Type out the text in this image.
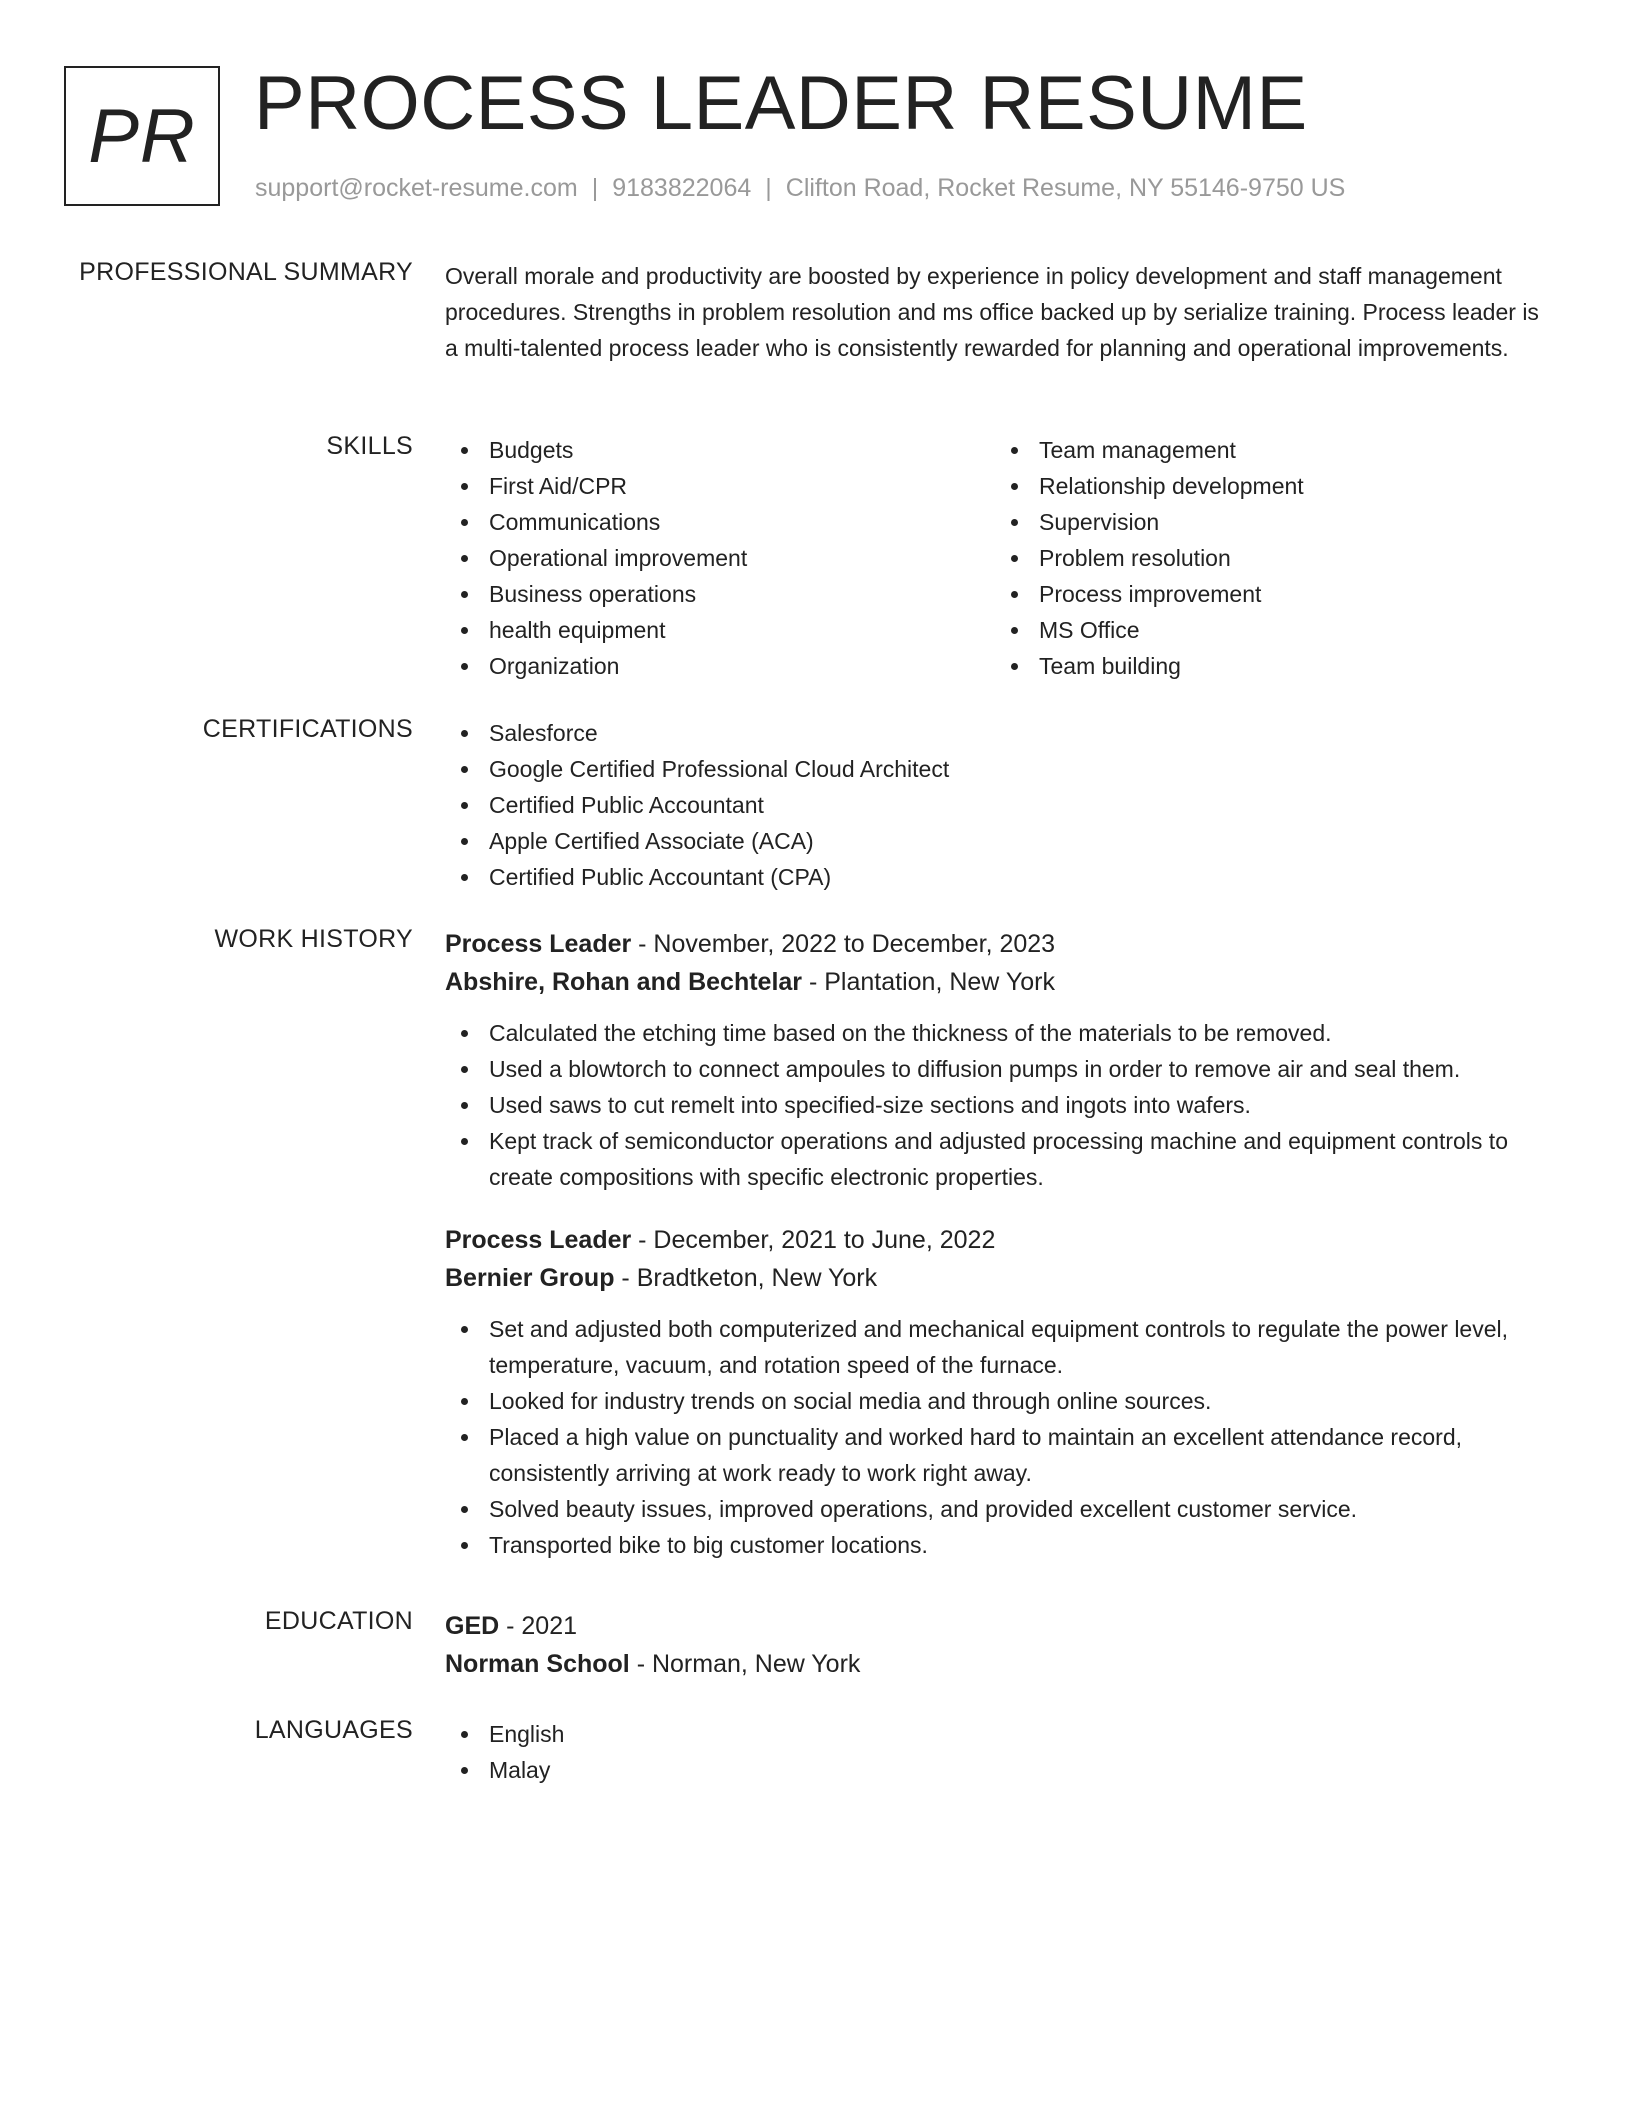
PR PROCESS LEADER RESUME
support@rocket-resume.com | 9183822064 | Clifton Road, Rocket Resume, NY 55146-9750 US
PROFESSIONAL SUMMARY Overall morale and productivity are boosted by experience in policy development and staff management procedures. Strengths in problem resolution and ms office backed up by serialize training. Process leader is a multi-talented process leader who is consistently rewarded for planning and operational improvements.

SKILLS	Budgets
First Aid/CPR
Communications
Operational improvement
Business operations
health equipment
Organization
Team management
Relationship development
Supervision
Problem resolution
Process improvement
MS Office
Team building
CERTIFICATIONS	Salesforce
Google Certified Professional Cloud Architect
Certified Public Accountant
Apple Certified Associate (ACA)
Certified Public Accountant (CPA)
WORK HISTORY Process Leader - November, 2022 to December, 2023
Abshire, Rohan and Bechtelar - Plantation, New York
Calculated the etching time based on the thickness of the materials to be removed.
Used a blowtorch to connect ampoules to diffusion pumps in order to remove air and seal them.
Used saws to cut remelt into specified-size sections and ingots into wafers.
Kept track of semiconductor operations and adjusted processing machine and equipment controls to create compositions with specific electronic properties.
Process Leader - December, 2021 to June, 2022
Bernier Group - Bradtketon, New York
Set and adjusted both computerized and mechanical equipment controls to regulate the power level, temperature, vacuum, and rotation speed of the furnace.
Looked for industry trends on social media and through online sources.
Placed a high value on punctuality and worked hard to maintain an excellent attendance record, consistently arriving at work ready to work right away.
Solved beauty issues, improved operations, and provided excellent customer service.
Transported bike to big customer locations.
EDUCATION GED - 2021
Norman School - Norman, New York
LANGUAGES	English
Malay
